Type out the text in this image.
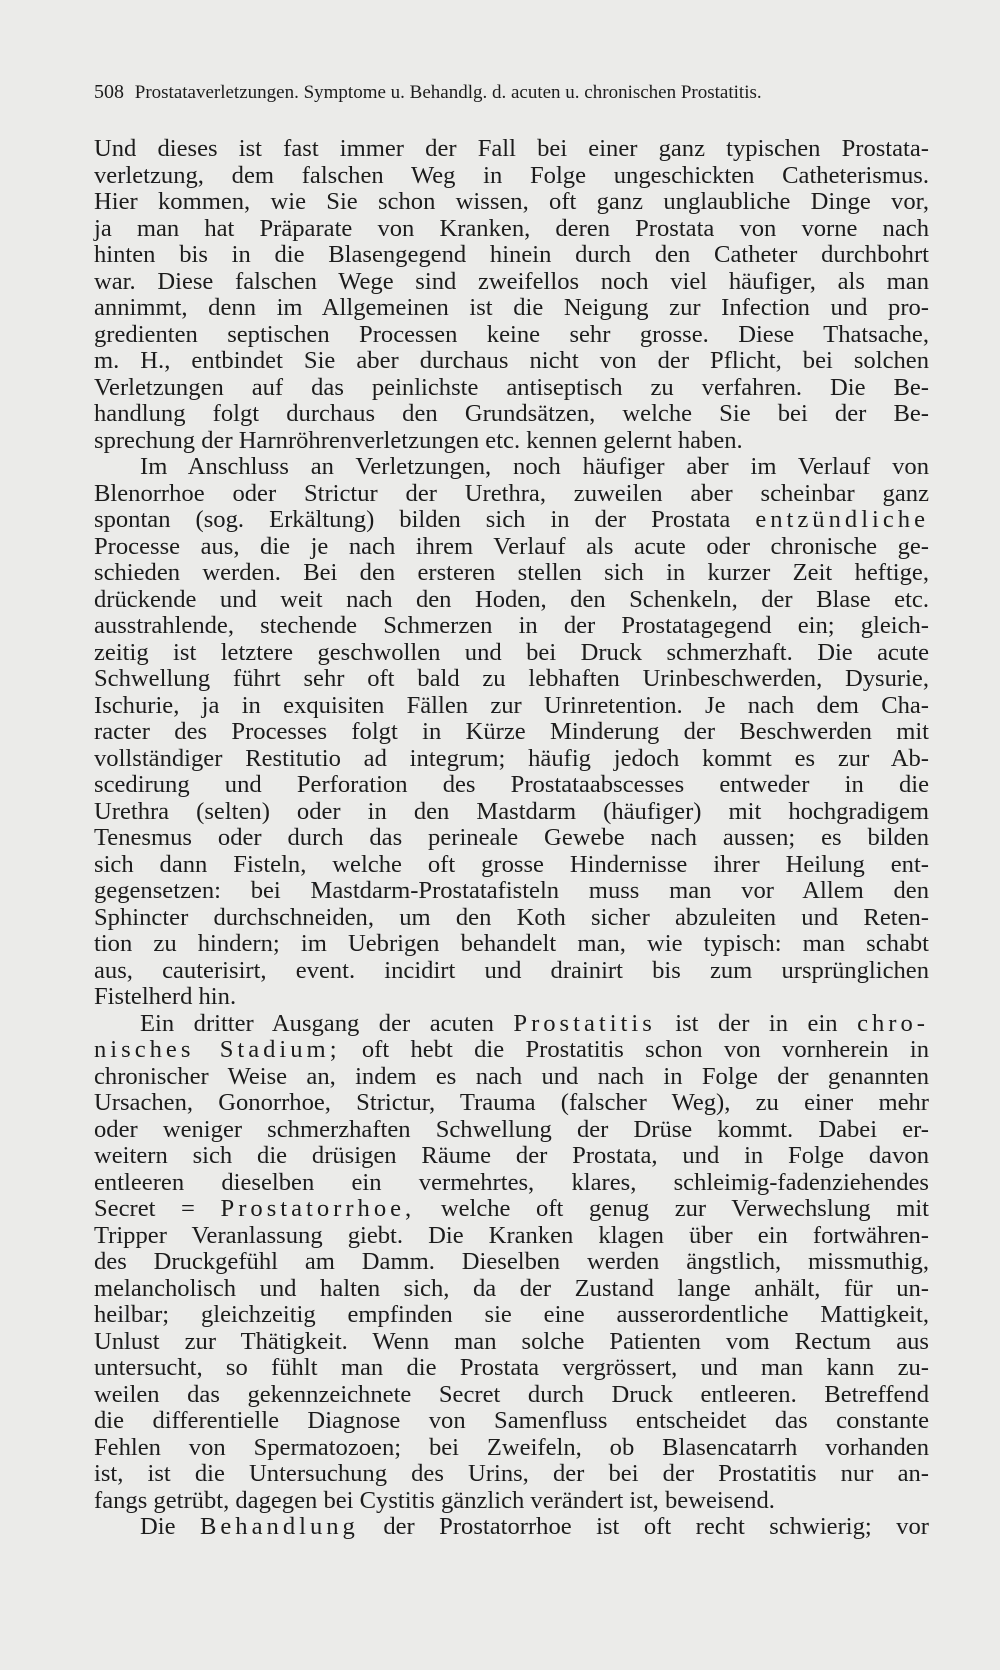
508 Prostataverletzungen. Symptome u. Behandlg. d. acuten u. chronischen Prostatitis.
Und dieses ist fast immer der Fall bei einer ganz typischen Prostata-
verletzung, dem falschen Weg in Folge ungeschickten Catheterismus.
Hier kommen, wie Sie schon wissen, oft ganz unglaubliche Dinge vor,
ja man hat Präparate von Kranken, deren Prostata von vorne nach
hinten bis in die Blasengegend hinein durch den Catheter durchbohrt
war. Diese falschen Wege sind zweifellos noch viel häufiger, als man
annimmt, denn im Allgemeinen ist die Neigung zur Infection und pro-
gredienten septischen Processen keine sehr grosse. Diese Thatsache,
m. H., entbindet Sie aber durchaus nicht von der Pflicht, bei solchen
Verletzungen auf das peinlichste antiseptisch zu verfahren. Die Be-
handlung folgt durchaus den Grundsätzen, welche Sie bei der Be-
sprechung der Harnröhrenverletzungen etc. kennen gelernt haben.
Im Anschluss an Verletzungen, noch häufiger aber im Verlauf von
Blenorrhoe oder Strictur der Urethra, zuweilen aber scheinbar ganz
spontan (sog. Erkältung) bilden sich in der Prostata entzündliche
Processe aus, die je nach ihrem Verlauf als acute oder chronische ge-
schieden werden. Bei den ersteren stellen sich in kurzer Zeit heftige,
drückende und weit nach den Hoden, den Schenkeln, der Blase etc.
ausstrahlende, stechende Schmerzen in der Prostatagegend ein; gleich-
zeitig ist letztere geschwollen und bei Druck schmerzhaft. Die acute
Schwellung führt sehr oft bald zu lebhaften Urinbeschwerden, Dysurie,
Ischurie, ja in exquisiten Fällen zur Urinretention. Je nach dem Cha-
racter des Processes folgt in Kürze Minderung der Beschwerden mit
vollständiger Restitutio ad integrum; häufig jedoch kommt es zur Ab-
scedirung und Perforation des Prostataabscesses entweder in die
Urethra (selten) oder in den Mastdarm (häufiger) mit hochgradigem
Tenesmus oder durch das perineale Gewebe nach aussen; es bilden
sich dann Fisteln, welche oft grosse Hindernisse ihrer Heilung ent-
gegensetzen: bei Mastdarm-Prostatafisteln muss man vor Allem den
Sphincter durchschneiden, um den Koth sicher abzuleiten und Reten-
tion zu hindern; im Uebrigen behandelt man, wie typisch: man schabt
aus, cauterisirt, event. incidirt und drainirt bis zum ursprünglichen
Fistelherd hin.
Ein dritter Ausgang der acuten Prostatitis ist der in ein chro-
nisches Stadium; oft hebt die Prostatitis schon von vornherein in
chronischer Weise an, indem es nach und nach in Folge der genannten
Ursachen, Gonorrhoe, Strictur, Trauma (falscher Weg), zu einer mehr
oder weniger schmerzhaften Schwellung der Drüse kommt. Dabei er-
weitern sich die drüsigen Räume der Prostata, und in Folge davon
entleeren dieselben ein vermehrtes, klares, schleimig-fadenziehendes
Secret = Prostatorrhoe, welche oft genug zur Verwechslung mit
Tripper Veranlassung giebt. Die Kranken klagen über ein fortwähren-
des Druckgefühl am Damm. Dieselben werden ängstlich, missmuthig,
melancholisch und halten sich, da der Zustand lange anhält, für un-
heilbar; gleichzeitig empfinden sie eine ausserordentliche Mattigkeit,
Unlust zur Thätigkeit. Wenn man solche Patienten vom Rectum aus
untersucht, so fühlt man die Prostata vergrössert, und man kann zu-
weilen das gekennzeichnete Secret durch Druck entleeren. Betreffend
die differentielle Diagnose von Samenfluss entscheidet das constante
Fehlen von Spermatozoen; bei Zweifeln, ob Blasencatarrh vorhanden
ist, ist die Untersuchung des Urins, der bei der Prostatitis nur an-
fangs getrübt, dagegen bei Cystitis gänzlich verändert ist, beweisend.
Die Behandlung der Prostatorrhoe ist oft recht schwierig; vor
